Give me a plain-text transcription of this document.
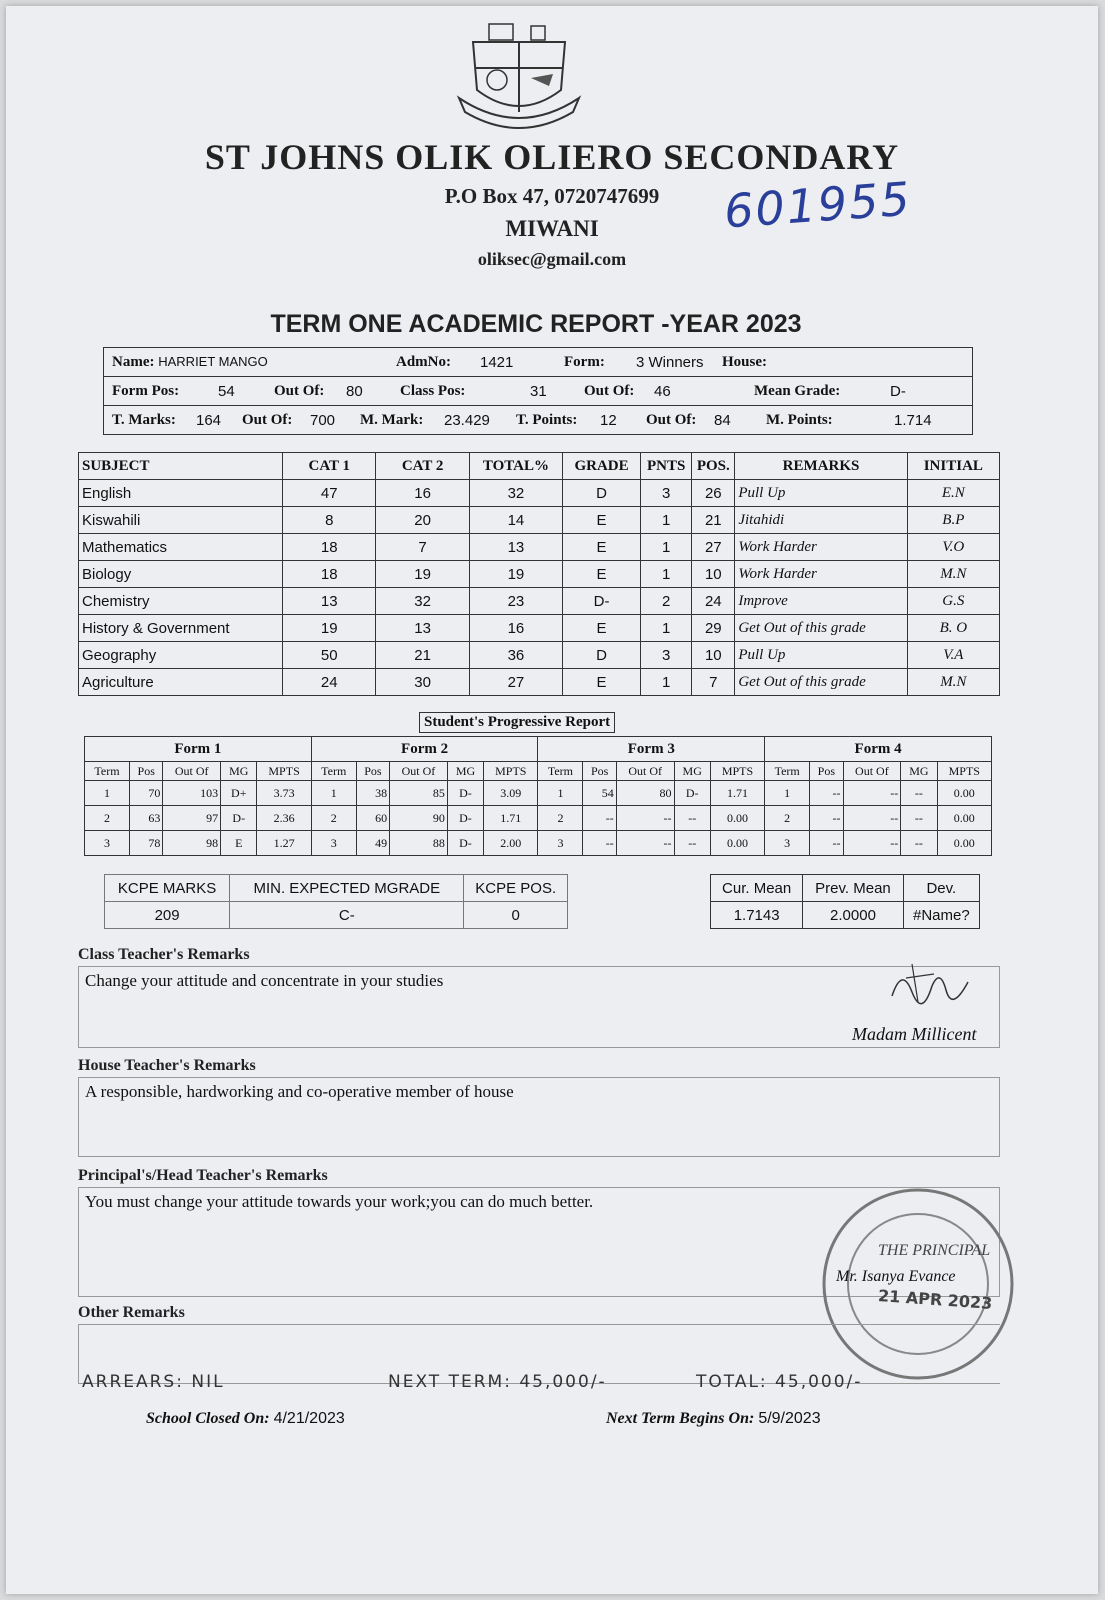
ST JOHNS OLIK OLIERO SECONDARY
P.O Box 47, 0720747699
MIWANI
oliksec@gmail.com
601955
TERM ONE ACADEMIC REPORT -YEAR 2023
Name: HARRIET MANGO	AdmNo: 1421	Form: 3 Winners House:

Form Pos:	54	Out Of: 80 Class Pos:	31 Out Of: 46	Mean Grade:	D-

T. Marks: 164 Out Of: 700 M. Mark: 23.429 T. Points: 12 Out Of: 84 M. Points:	1.714
SUBJECT	CAT 1	CAT 2	TOTAL%	GRADE	PNTS	POS.	REMARKS	INITIAL
English	47	16	32	D	3	26	Pull Up	E.N
Kiswahili	8	20	14	E	1	21	Jitahidi	B.P
Mathematics	18	7	13	E	1	27	Work Harder	V.O
Biology	18	19	19	E	1	10	Work Harder	M.N
Chemistry	13	32	23	D-	2	24	Improve	G.S
History & Government	19	13	16	E	1	29	Get Out of this grade	B. O
Geography	50	21	36	D	3	10	Pull Up	V.A
Agriculture	24	30	27	E	1	7	Get Out of this grade	M.N
Student's Progressive Report
Form 1					Form 2					Form 3					Form 4				
Term	Pos	Out Of	MG	MPTS	Term	Pos	Out Of	MG	MPTS	Term	Pos	Out Of	MG	MPTS	Term	Pos	Out Of	MG	MPTS
1	70	103	D+	3.73	1	38	85	D-	3.09	1	54	80	D-	1.71	1	--	--	--	0.00
2	63	97	D-	2.36	2	60	90	D-	1.71	2	--	--	--	0.00	2	--	--	--	0.00
3	78	98	E	1.27	3	49	88	D-	2.00	3	--	--	--	0.00	3	--	--	--	0.00
KCPE MARKS	MIN. EXPECTED MGRADE	KCPE POS.
209	C-	0
Cur. Mean	Prev. Mean	Dev.
1.7143	2.0000	#Name?
Class Teacher's Remarks
Change your attitude and concentrate in your studies
Madam Millicent
House Teacher's Remarks
A responsible, hardworking and co-operative member of house
Principal's/Head Teacher's Remarks
You must change your attitude towards your work;you can do much better.
THE PRINCIPAL
Mr. Isanya Evance
21 APR 2023
Other Remarks
ARREARS: NIL	NEXT TERM: 45,000/-	TOTAL: 45,000/-
School Closed On: 4/21/2023	Next Term Begins On: 5/9/2023
